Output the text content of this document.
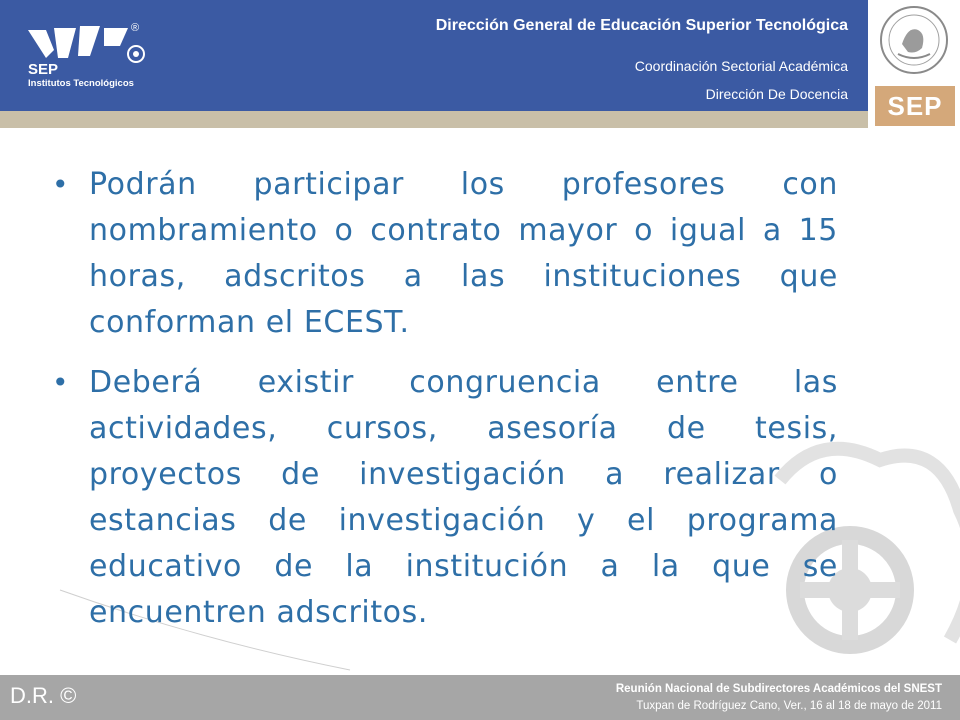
SEP
Institutos Tecnológicos
®	Dirección General de Educación Superior Tecnológica
Coordinación Sectorial Académica
Dirección De Docencia	SEP
• Podrán participar los profesores con nombramiento o contrato mayor o igual a 15 horas, adscritos a las instituciones que conforman el ECEST.
• Deberá existir congruencia entre las actividades, cursos, asesoría de tesis, proyectos de investigación a realizar o estancias de investigación y el programa educativo de la institución a la que se encuentren adscritos.
D.R. ©	Reunión Nacional de Subdirectores Académicos del SNEST
Tuxpan de Rodríguez Cano, Ver., 16 al 18 de mayo de 2011
